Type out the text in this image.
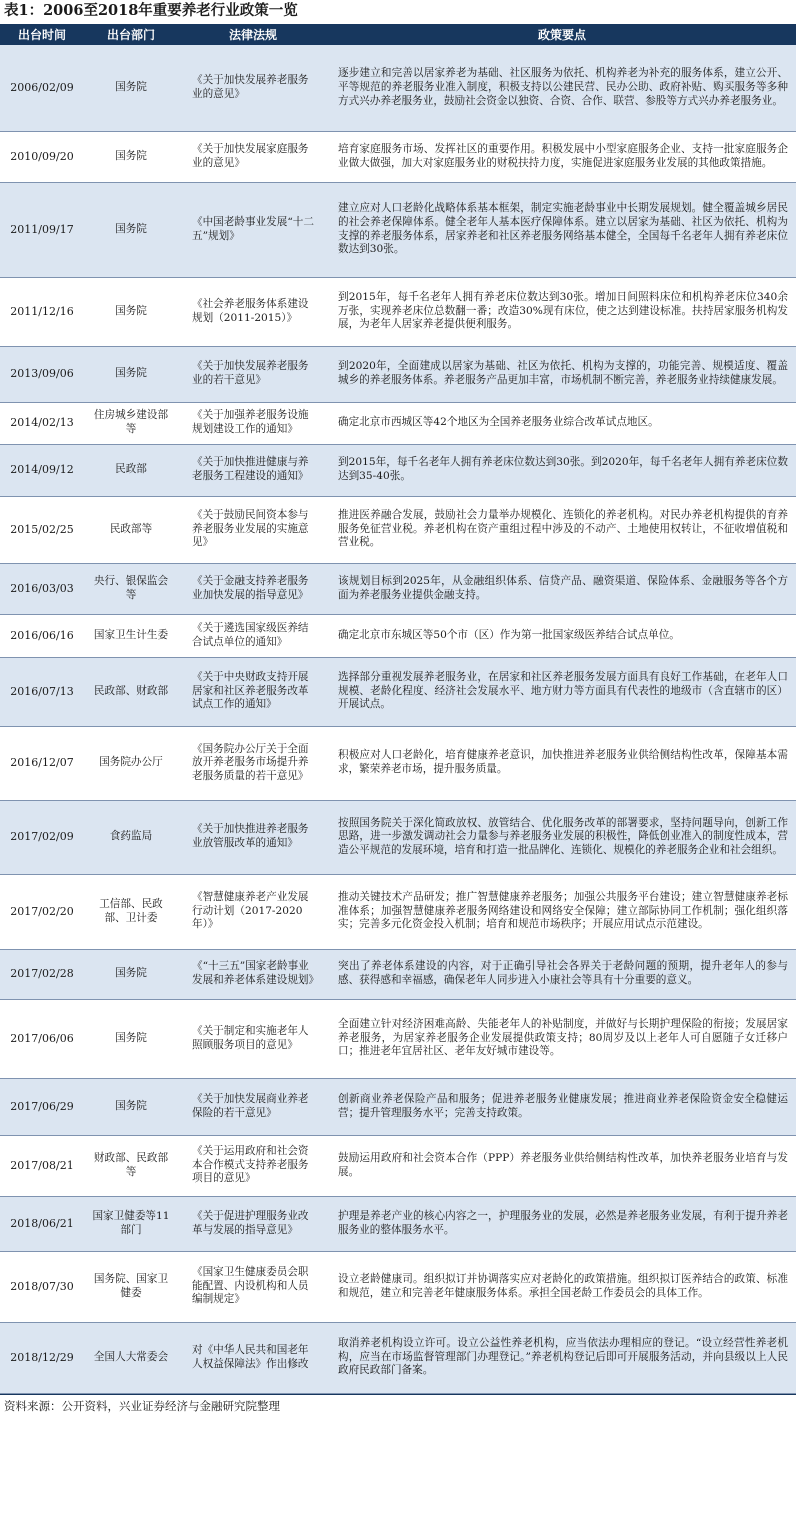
表1：2006至2018年重要养老行业政策一览
出台时间	出台部门	法律法规	政策要点
2006/02/09	国务院	《关于加快发展养老服务业的意见》	逐步建立和完善以居家养老为基础、社区服务为依托、机构养老为补充的服务体系，建立公开、平等规范的养老服务业准入制度，积极支持以公建民营、民办公助、政府补贴、购买服务等多种方式兴办养老服务业，鼓励社会资金以独资、合资、合作、联营、参股等方式兴办养老服务业。
2010/09/20	国务院	《关于加快发展家庭服务业的意见》	培育家庭服务市场、发挥社区的重要作用。积极发展中小型家庭服务企业、支持一批家庭服务企业做大做强，加大对家庭服务业的财税扶持力度，实施促进家庭服务业发展的其他政策措施。
2011/09/17	国务院	《中国老龄事业发展“十二五”规划》	建立应对人口老龄化战略体系基本框架，制定实施老龄事业中长期发展规划。健全覆盖城乡居民的社会养老保障体系。健全老年人基本医疗保障体系。建立以居家为基础、社区为依托、机构为支撑的养老服务体系，居家养老和社区养老服务网络基本健全，全国每千名老年人拥有养老床位数达到30张。
2011/12/16	国务院	《社会养老服务体系建设规划（2011-2015）》	到2015年，每千名老年人拥有养老床位数达到30张。增加日间照料床位和机构养老床位340余万张，实现养老床位总数翻一番；改造30%现有床位，使之达到建设标准。扶持居家服务机构发展，为老年人居家养老提供便利服务。
2013/09/06	国务院	《关于加快发展养老服务业的若干意见》	到2020年，全面建成以居家为基础、社区为依托、机构为支撑的，功能完善、规模适度、覆盖城乡的养老服务体系。养老服务产品更加丰富，市场机制不断完善，养老服务业持续健康发展。
2014/02/13	住房城乡建设部等	《关于加强养老服务设施规划建设工作的通知》	确定北京市西城区等42个地区为全国养老服务业综合改革试点地区。
2014/09/12	民政部	《关于加快推进健康与养老服务工程建设的通知》	到2015年，每千名老年人拥有养老床位数达到30张。到2020年，每千名老年人拥有养老床位数达到35-40张。
2015/02/25	民政部等	《关于鼓励民间资本参与养老服务业发展的实施意见》	推进医养融合发展，鼓励社会力量举办规模化、连锁化的养老机构。对民办养老机构提供的育养服务免征营业税。养老机构在资产重组过程中涉及的不动产、土地使用权转让，不征收增值税和营业税。
2016/03/03	央行、银保监会等	《关于金融支持养老服务业加快发展的指导意见》	该规划目标到2025年，从金融组织体系、信贷产品、融资渠道、保险体系、金融服务等各个方面为养老服务业提供金融支持。
2016/06/16	国家卫生计生委	《关于遴选国家级医养结合试点单位的通知》	确定北京市东城区等50个市（区）作为第一批国家级医养结合试点单位。
2016/07/13	民政部、财政部	《关于中央财政支持开展居家和社区养老服务改革试点工作的通知》	选择部分重视发展养老服务业，在居家和社区养老服务发展方面具有良好工作基础，在老年人口规模、老龄化程度、经济社会发展水平、地方财力等方面具有代表性的地级市（含直辖市的区）开展试点。
2016/12/07	国务院办公厅	《国务院办公厅关于全面放开养老服务市场提升养老服务质量的若干意见》	积极应对人口老龄化，培育健康养老意识，加快推进养老服务业供给侧结构性改革，保障基本需求，繁荣养老市场，提升服务质量。
2017/02/09	食药监局	《关于加快推进养老服务业放管服改革的通知》	按照国务院关于深化简政放权、放管结合、优化服务改革的部署要求，坚持问题导向，创新工作思路，进一步激发调动社会力量参与养老服务业发展的积极性，降低创业准入的制度性成本，营造公平规范的发展环境，培育和打造一批品牌化、连锁化、规模化的养老服务企业和社会组织。
2017/02/20	工信部、民政部、卫计委	《智慧健康养老产业发展行动计划（2017-2020年）》	推动关键技术产品研发；推广智慧健康养老服务；加强公共服务平台建设；建立智慧健康养老标准体系；加强智慧健康养老服务网络建设和网络安全保障；建立部际协同工作机制；强化组织落实；完善多元化资金投入机制；培育和规范市场秩序；开展应用试点示范建设。
2017/02/28	国务院	《“十三五”国家老龄事业发展和养老体系建设规划》	突出了养老体系建设的内容，对于正确引导社会各界关于老龄问题的预期，提升老年人的参与感、获得感和幸福感，确保老年人同步进入小康社会等具有十分重要的意义。
2017/06/06	国务院	《关于制定和实施老年人照顾服务项目的意见》	全面建立针对经济困难高龄、失能老年人的补贴制度，并做好与长期护理保险的衔接；发展居家养老服务，为居家养老服务企业发展提供政策支持；80周岁及以上老年人可自愿随子女迁移户口；推进老年宜居社区、老年友好城市建设等。
2017/06/29	国务院	《关于加快发展商业养老保险的若干意见》	创新商业养老保险产品和服务；促进养老服务业健康发展；推进商业养老保险资金安全稳健运营；提升管理服务水平；完善支持政策。
2017/08/21	财政部、民政部等	《关于运用政府和社会资本合作模式支持养老服务项目的意见》	鼓励运用政府和社会资本合作（PPP）养老服务业供给侧结构性改革，加快养老服务业培育与发展。
2018/06/21	国家卫健委等11部门	《关于促进护理服务业改革与发展的指导意见》	护理是养老产业的核心内容之一，护理服务业的发展，必然是养老服务业发展，有利于提升养老服务业的整体服务水平。
2018/07/30	国务院、国家卫健委	《国家卫生健康委员会职能配置、内设机构和人员编制规定》	设立老龄健康司。组织拟订并协调落实应对老龄化的政策措施。组织拟订医养结合的政策、标准和规范，建立和完善老年健康服务体系。承担全国老龄工作委员会的具体工作。
2018/12/29	全国人大常委会	对《中华人民共和国老年人权益保障法》作出修改	取消养老机构设立许可。设立公益性养老机构，应当依法办理相应的登记。“设立经营性养老机构，应当在市场监督管理部门办理登记。”养老机构登记后即可开展服务活动，并向县级以上人民政府民政部门备案。
资料来源：公开资料，兴业证券经济与金融研究院整理
